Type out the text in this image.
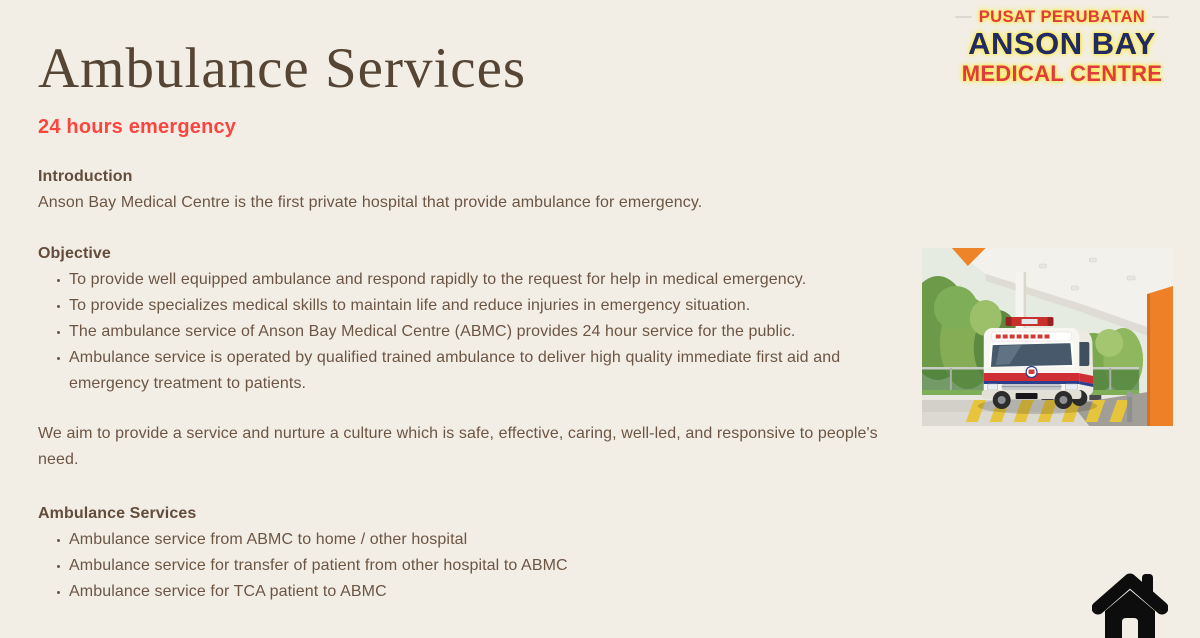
Ambulance Services
24 hours emergency
PUSAT PERUBATAN
ANSON BAY
MEDICAL CENTRE
Introduction
Anson Bay Medical Centre is the first private hospital that provide ambulance for emergency.
Objective
To provide well equipped ambulance and respond rapidly to the request for help in medical emergency.
To provide specializes medical skills to maintain life and reduce injuries in emergency situation.
The ambulance service of Anson Bay Medical Centre (ABMC) provides 24 hour service for the public.
Ambulance service is operated by qualified trained ambulance to deliver high quality immediate first aid and emergency treatment to patients.
We aim to provide a service and nurture a culture which is safe, effective, caring, well-led, and responsive to people's need.
Ambulance Services
Ambulance service from ABMC to home / other hospital
Ambulance service for transfer of patient from other hospital to ABMC
Ambulance service for TCA patient to ABMC
